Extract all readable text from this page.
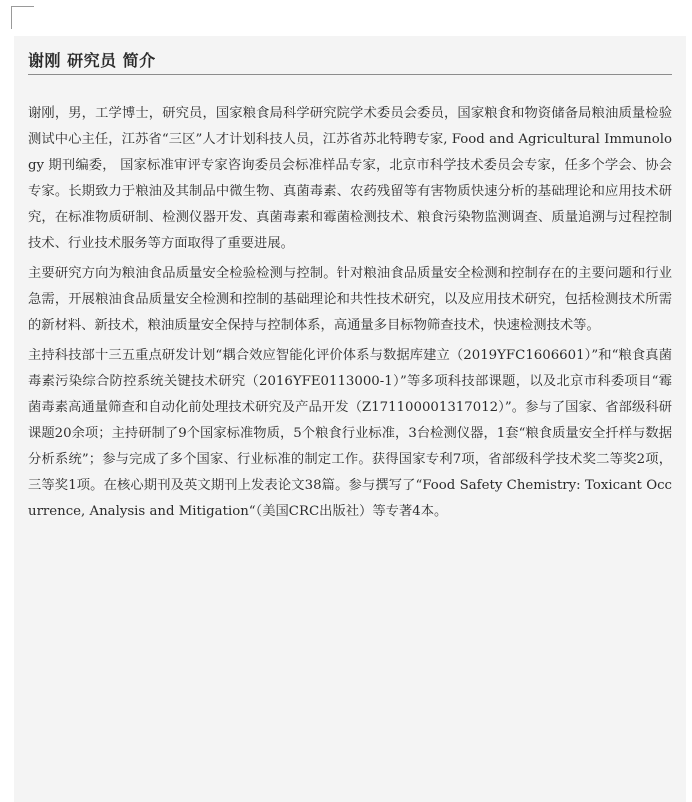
谢刚 研究员 简介

谢刚，男，工学博士，研究员，国家粮食局科学研究院学术委员会委员，国家粮食和物资储备局粮油质量检验测试中心主任，江苏省“三区”人才计划科技人员，江苏省苏北特聘专家, Food and Agricultural Immunology 期刊编委， 国家标准审评专家咨询委员会标准样品专家，北京市科学技术委员会专家，任多个学会、协会专家。长期致力于粮油及其制品中微生物、真菌毒素、农药残留等有害物质快速分析的基础理论和应用技术研究，在标准物质研制、检测仪器开发、真菌毒素和霉菌检测技术、粮食污染物监测调查、质量追溯与过程控制技术、行业技术服务等方面取得了重要进展。

主要研究方向为粮油食品质量安全检验检测与控制。针对粮油食品质量安全检测和控制存在的主要问题和行业急需，开展粮油食品质量安全检测和控制的基础理论和共性技术研究，以及应用技术研究，包括检测技术所需的新材料、新技术，粮油质量安全保持与控制体系，高通量多目标物筛查技术，快速检测技术等。

主持科技部十三五重点研发计划“耦合效应智能化评价体系与数据库建立（2019YFC1606601）”和“粮食真菌毒素污染综合防控系统关键技术研究（2016YFE0113000-1）”等多项科技部课题，以及北京市科委项目“霉菌毒素高通量筛查和自动化前处理技术研究及产品开发（Z171100001317012）”。参与了国家、省部级科研课题20余项；主持研制了9个国家标准物质，5个粮食行业标准，3台检测仪器，1套“粮食质量安全扦样与数据分析系统”；参与完成了多个国家、行业标准的制定工作。获得国家专利7项，省部级科学技术奖二等奖2项，三等奖1项。在核心期刊及英文期刊上发表论文38篇。参与撰写了“Food Safety Chemistry: Toxicant Occurrence, Analysis and Mitigation“（美国CRC出版社）等专著4本。
